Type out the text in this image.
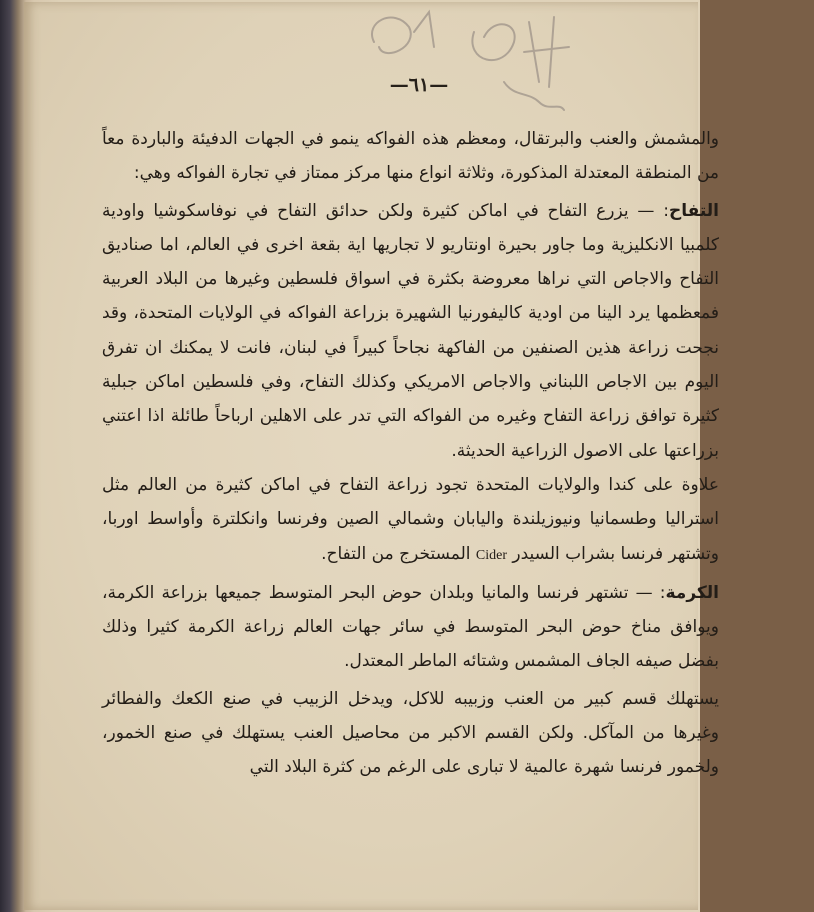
—٦١—

والمشمش والعنب والبرتقال، ومعظم هذه الفواكه ينمو في الجهات الدفيئة والباردة معاً من المنطقة المعتدلة المذكورة، وثلاثة انواع منها مركز ممتاز في تجارة الفواكه وهي:

التفاح: — يزرع التفاح في اماكن كثيرة ولكن حدائق التفاح في نوفاسكوشيا واودية كلمبيا الانكليزية وما جاور بحيرة اونتاريو لا تجاريها اية بقعة اخرى في العالم، اما صناديق التفاح والاجاص التي نراها معروضة بكثرة في اسواق فلسطين وغيرها من البلاد العربية فمعظمها يرد الينا من اودية كاليفورنيا الشهيرة بزراعة الفواكه في الولايات المتحدة، وقد نجحت زراعة هذين الصنفين من الفاكهة نجاحاً كبيراً في لبنان، فانت لا يمكنك ان تفرق اليوم بين الاجاص اللبناني والاجاص الامريكي وكذلك التفاح، وفي فلسطين اماكن جبلية كثيرة توافق زراعة التفاح وغيره من الفواكه التي تدر على الاهلين ارباحاً طائلة اذا اعتني بزراعتها على الاصول الزراعية الحديثة.

علاوة على كندا والولايات المتحدة تجود زراعة التفاح في اماكن كثيرة من العالم مثل استراليا وطسمانيا ونيوزيلندة واليابان وشمالي الصين وفرنسا وانكلترة وأواسط اوربا، وتشتهر فرنسا بشراب السيدر Cider المستخرج من التفاح.

الكرمة: — تشتهر فرنسا والمانيا وبلدان حوض البحر المتوسط جميعها بزراعة الكرمة، ويوافق مناخ حوض البحر المتوسط في سائر جهات العالم زراعة الكرمة كثيرا وذلك بفضل صيفه الجاف المشمس وشتائه الماطر المعتدل.

يستهلك قسم كبير من العنب وزبيبه للاكل، ويدخل الزبيب في صنع الكعك والفطائر وغيرها من المآكل. ولكن القسم الاكبر من محاصيل العنب يستهلك في صنع الخمور، ولخمور فرنسا شهرة عالمية لا تبارى على الرغم من كثرة البلاد التي
